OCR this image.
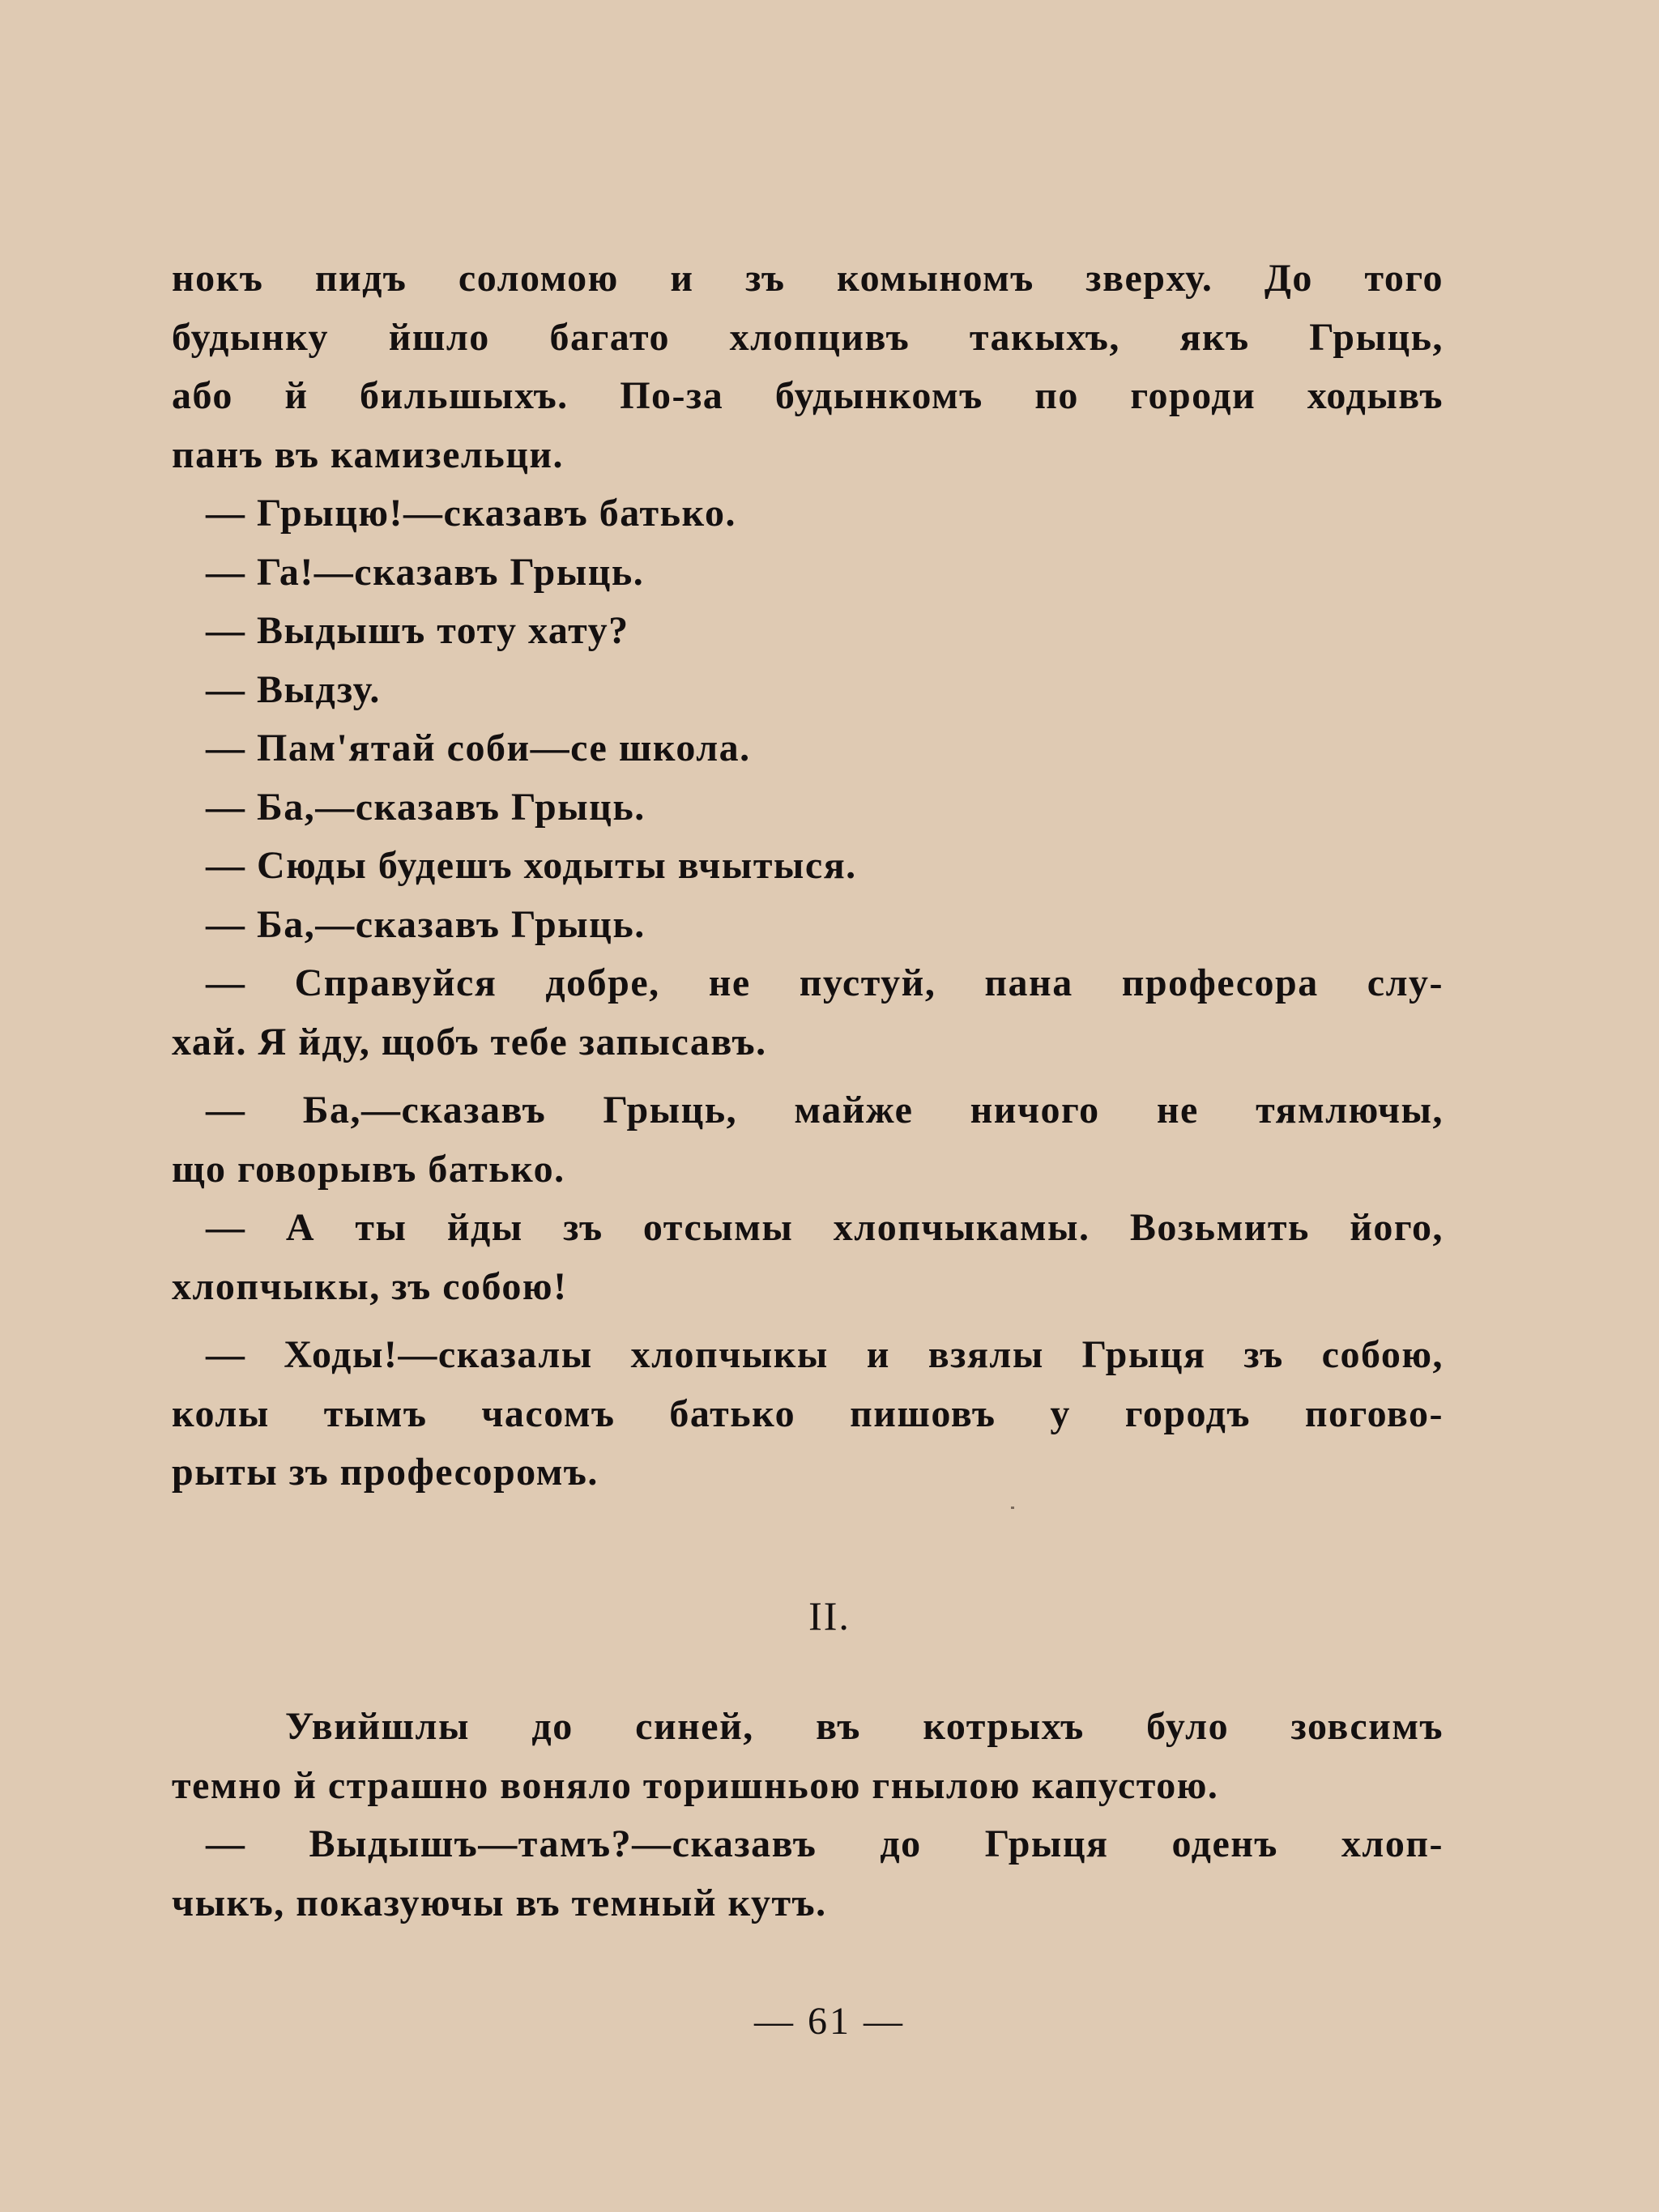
нокъ пидъ соломою и зъ комыномъ зверху. До того

будынку йшло багато хлопцивъ такыхъ, якъ Грыць,

або й бильшыхъ. По-за будынкомъ по городи ходывъ

панъ въ камизельци.

— Грыцю!—сказавъ батько.

— Га!—сказавъ Грыць.

— Выдышъ тоту хату?

— Выдзу.

— Пам'ятай соби—се школа.

— Ба,—сказавъ Грыць.

— Сюды будешъ ходыты вчытыся.

— Ба,—сказавъ Грыць.

— Справуйся добре, не пустуй, пана професора слу-

хай. Я йду, щобъ тебе запысавъ.

— Ба,—сказавъ Грыць, майже ничого не тямлючы,

що говорывъ батько.

— А ты йды зъ отсымы хлопчыкамы. Возьмить його,

хлопчыкы, зъ собою!

— Ходы!—сказалы хлопчыкы и взялы Грыця зъ собою,

колы тымъ часомъ батько пишовъ у городъ погово-

рыты зъ професоромъ.

II.

Увийшлы до синей, въ котрыхъ було зовсимъ

темно й страшно воняло торишньою гнылою капустою.

— Выдышъ—тамъ?—сказавъ до Грыця оденъ хлоп-

чыкъ, показуючы въ темный кутъ.

— 61 —
